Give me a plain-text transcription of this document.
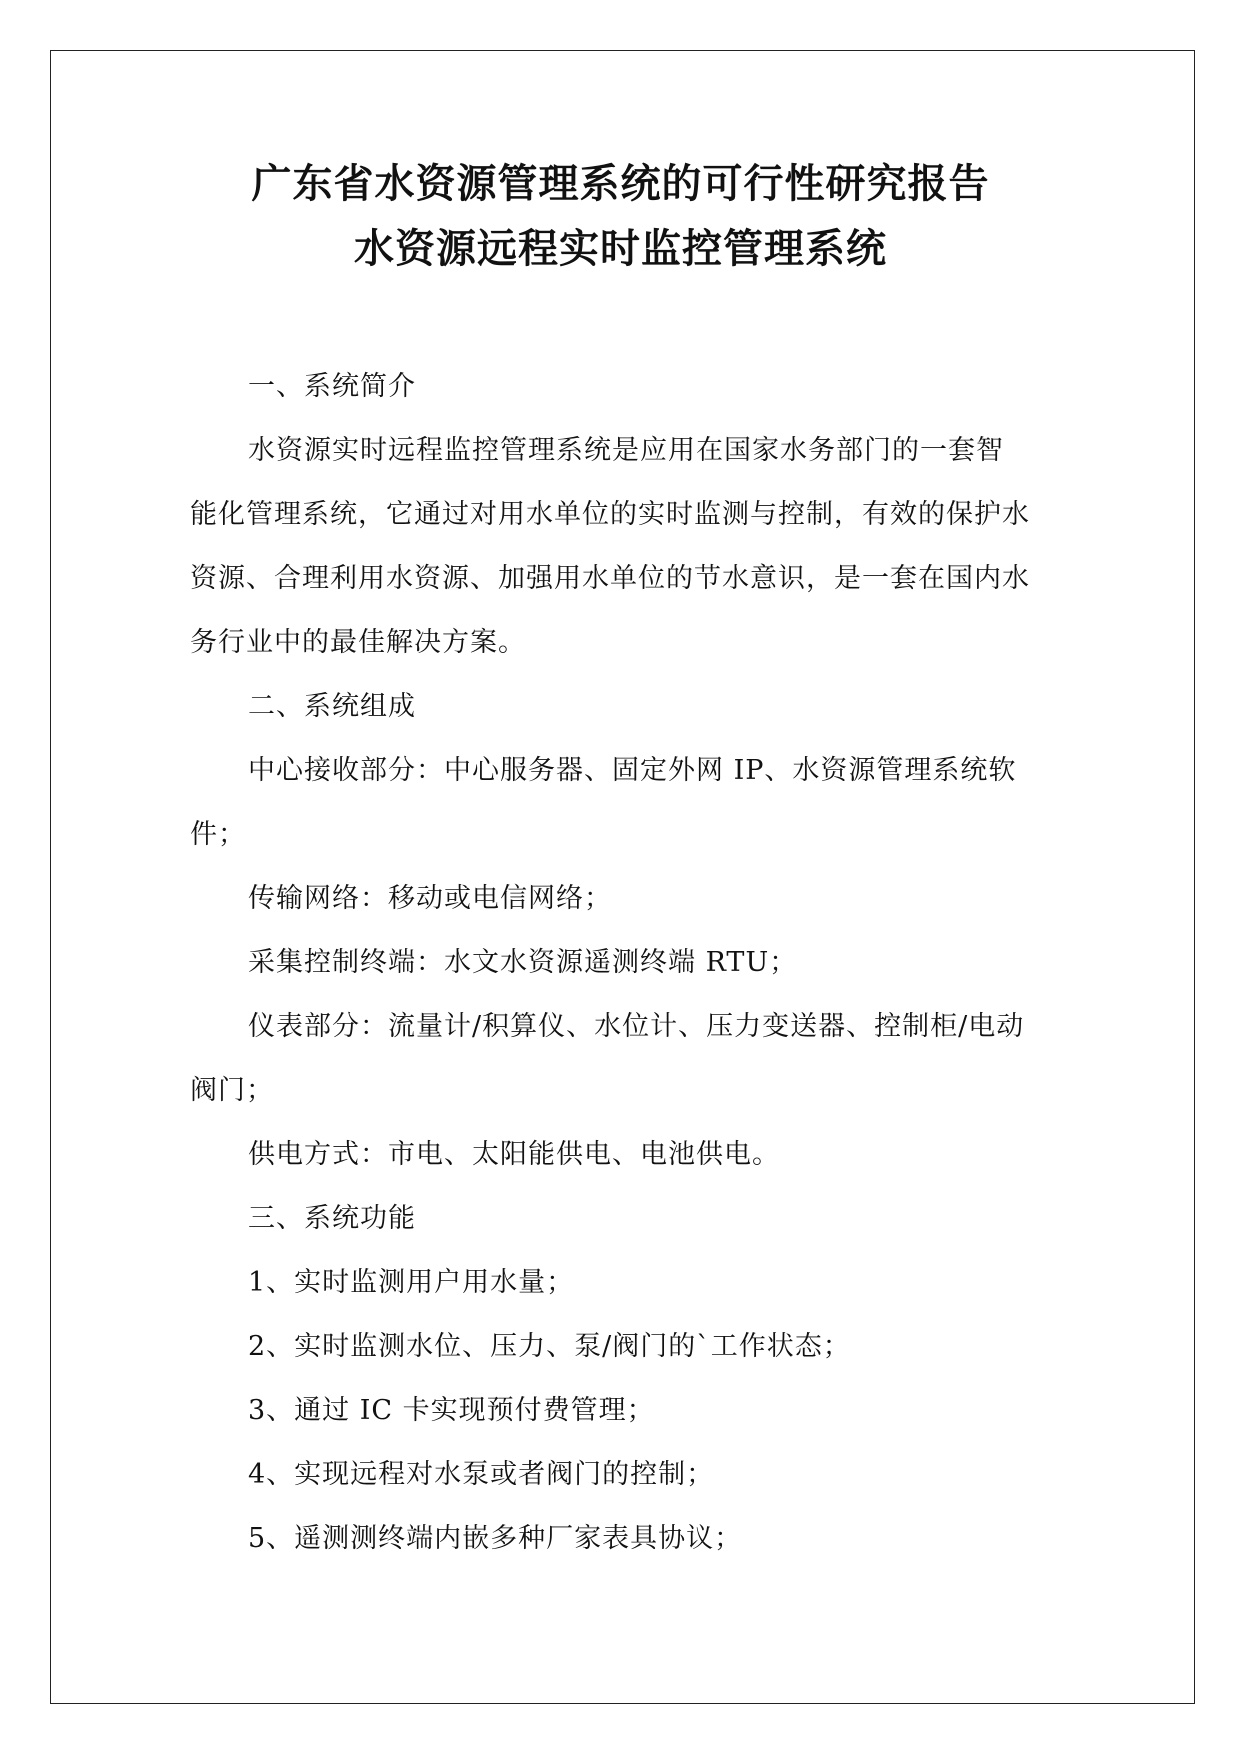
广东省水资源管理系统的可行性研究报告
水资源远程实时监控管理系统

一、系统简介

水资源实时远程监控管理系统是应用在国家水务部门的一套智
能化管理系统，它通过对用水单位的实时监测与控制，有效的保护水
资源、合理利用水资源、加强用水单位的节水意识，是一套在国内水
务行业中的最佳解决方案。

二、系统组成

中心接收部分：中心服务器、固定外网 IP、水资源管理系统软
件；

传输网络：移动或电信网络；

采集控制终端：水文水资源遥测终端 RTU；

仪表部分：流量计/积算仪、水位计、压力变送器、控制柜/电动
阀门；

供电方式：市电、太阳能供电、电池供电。

三、系统功能

1、实时监测用户用水量；

2、实时监测水位、压力、泵/阀门的`工作状态；

3、通过 IC 卡实现预付费管理；

4、实现远程对水泵或者阀门的控制；

5、遥测测终端内嵌多种厂家表具协议；
